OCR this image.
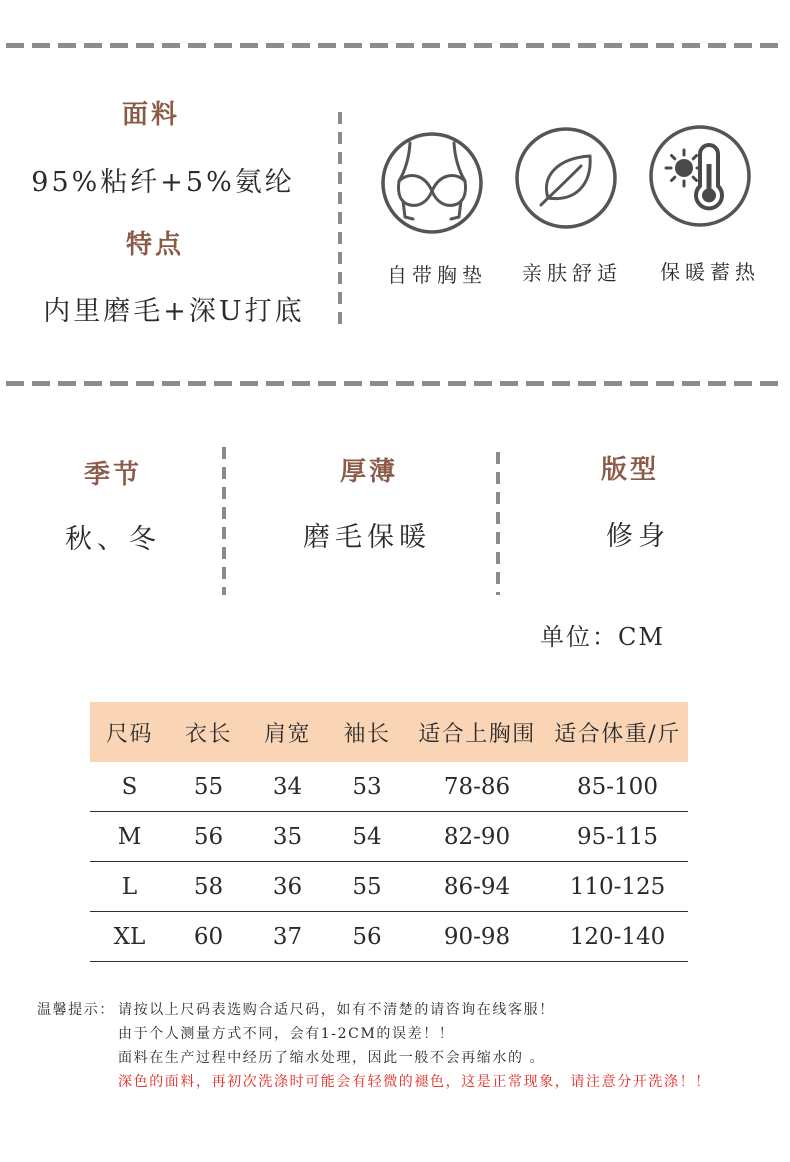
面料
95%粘纤+5%氨纶
特点
内里磨毛+深U打底
自带胸垫	亲肤舒适	保暖蓄热
季节
秋、冬
厚薄
磨毛保暖
版型
修身
单位：CM
尺码	衣长	肩宽	袖长	适合上胸围	适合体重/斤
S	55	34	53	78-86	85-100
M	56	35	54	82-90	95-115
L	58	36	55	86-94	110-125
XL	60	37	56	90-98	120-140
温馨提示： 请按以上尺码表选购合适尺码，如有不清楚的请咨询在线客服！
由于个人测量方式不同，会有1-2CM的误差！！
面料在生产过程中经历了缩水处理，因此一般不会再缩水的 。
深色的面料，再初次洗涤时可能会有轻微的褪色，这是正常现象，请注意分开洗涤！！
